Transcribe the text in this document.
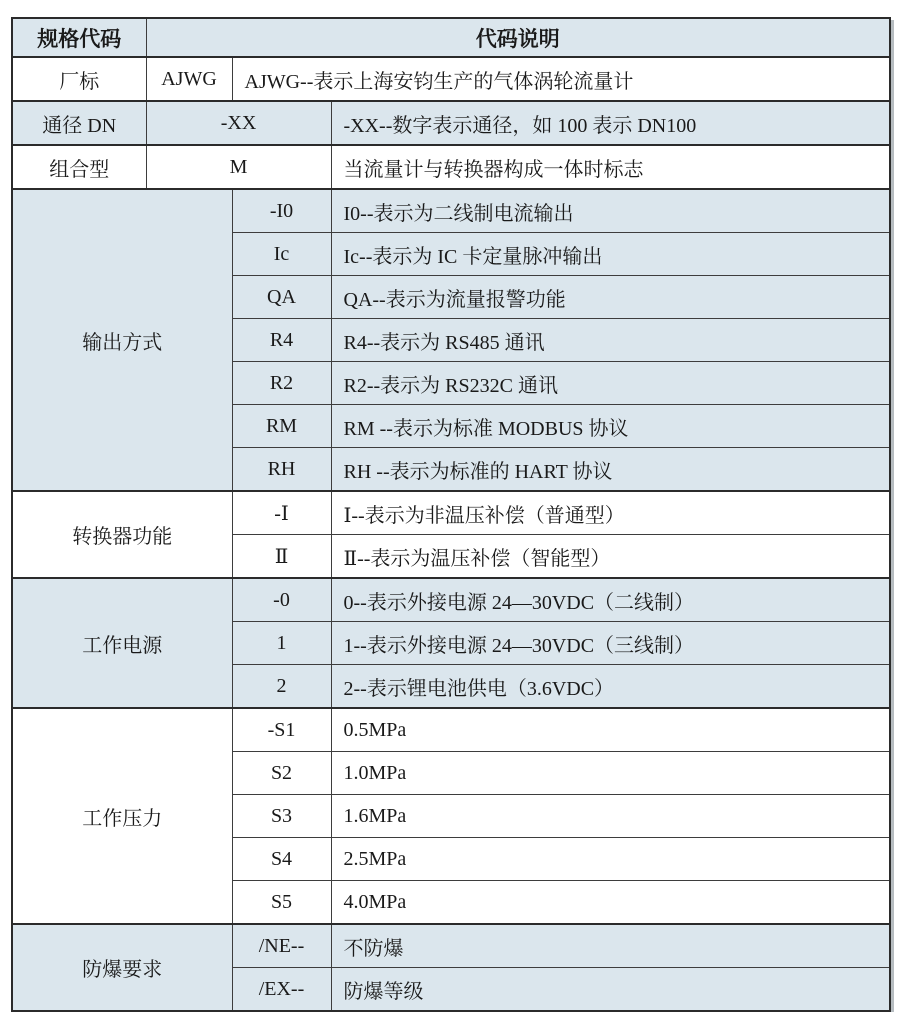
规格代码	代码说明		
厂标	AJWG	AJWG--表示上海安钧生产的气体涡轮流量计	
通径 DN	-XX		-XX--数字表示通径，如 100 表示 DN100
组合型	M		当流量计与转换器构成一体时标志
输出方式		-I0	I0--表示为二线制电流输出
		Ic	Ic--表示为 IC 卡定量脉冲输出
		QA	QA--表示为流量报警功能
		R4	R4--表示为 RS485 通讯
		R2	R2--表示为 RS232C 通讯
		RM	RM --表示为标准 MODBUS 协议
		RH	RH --表示为标准的 HART 协议
转换器功能		-Ⅰ	Ⅰ--表示为非温压补偿（普通型）
		Ⅱ	Ⅱ--表示为温压补偿（智能型）
工作电源		-0	0--表示外接电源 24—30VDC（二线制）
		1	1--表示外接电源 24—30VDC（三线制）
		2	2--表示锂电池供电（3.6VDC）
工作压力		-S1	0.5MPa
		S2	1.0MPa
		S3	1.6MPa
		S4	2.5MPa
		S5	4.0MPa
防爆要求		/NE--	不防爆
		/EX--	防爆等级
